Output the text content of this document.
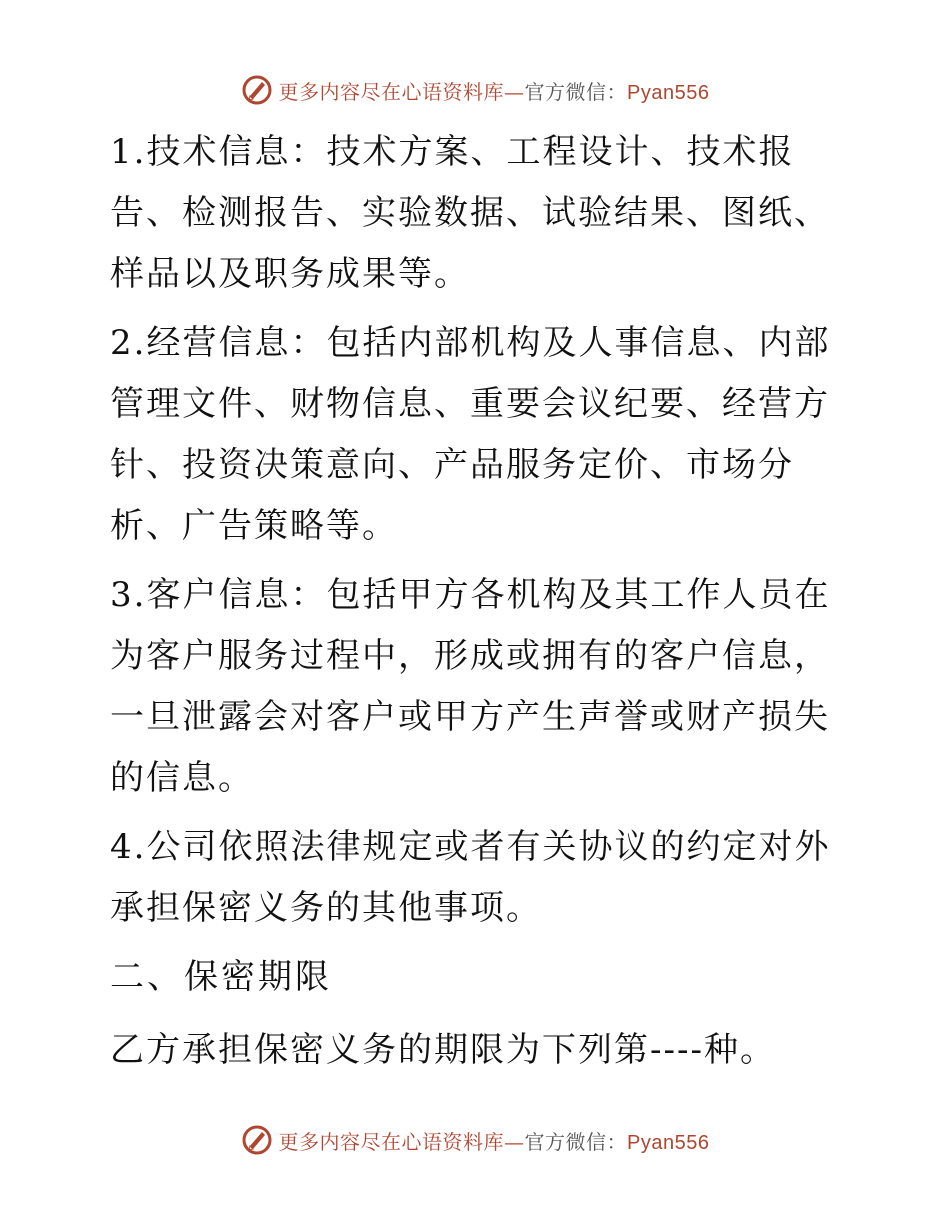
更多内容尽在心语资料库—官方微信：Pyan556

1.技术信息：技术方案、工程设计、技术报告、检测报告、实验数据、试验结果、图纸、样品以及职务成果等。

2.经营信息：包括内部机构及人事信息、内部管理文件、财物信息、重要会议纪要、经营方针、投资决策意向、产品服务定价、市场分析、广告策略等。

3.客户信息：包括甲方各机构及其工作人员在为客户服务过程中，形成或拥有的客户信息，一旦泄露会对客户或甲方产生声誉或财产损失的信息。

4.公司依照法律规定或者有关协议的约定对外承担保密义务的其他事项。

二、保密期限

乙方承担保密义务的期限为下列第----种。

更多内容尽在心语资料库—官方微信：Pyan556
